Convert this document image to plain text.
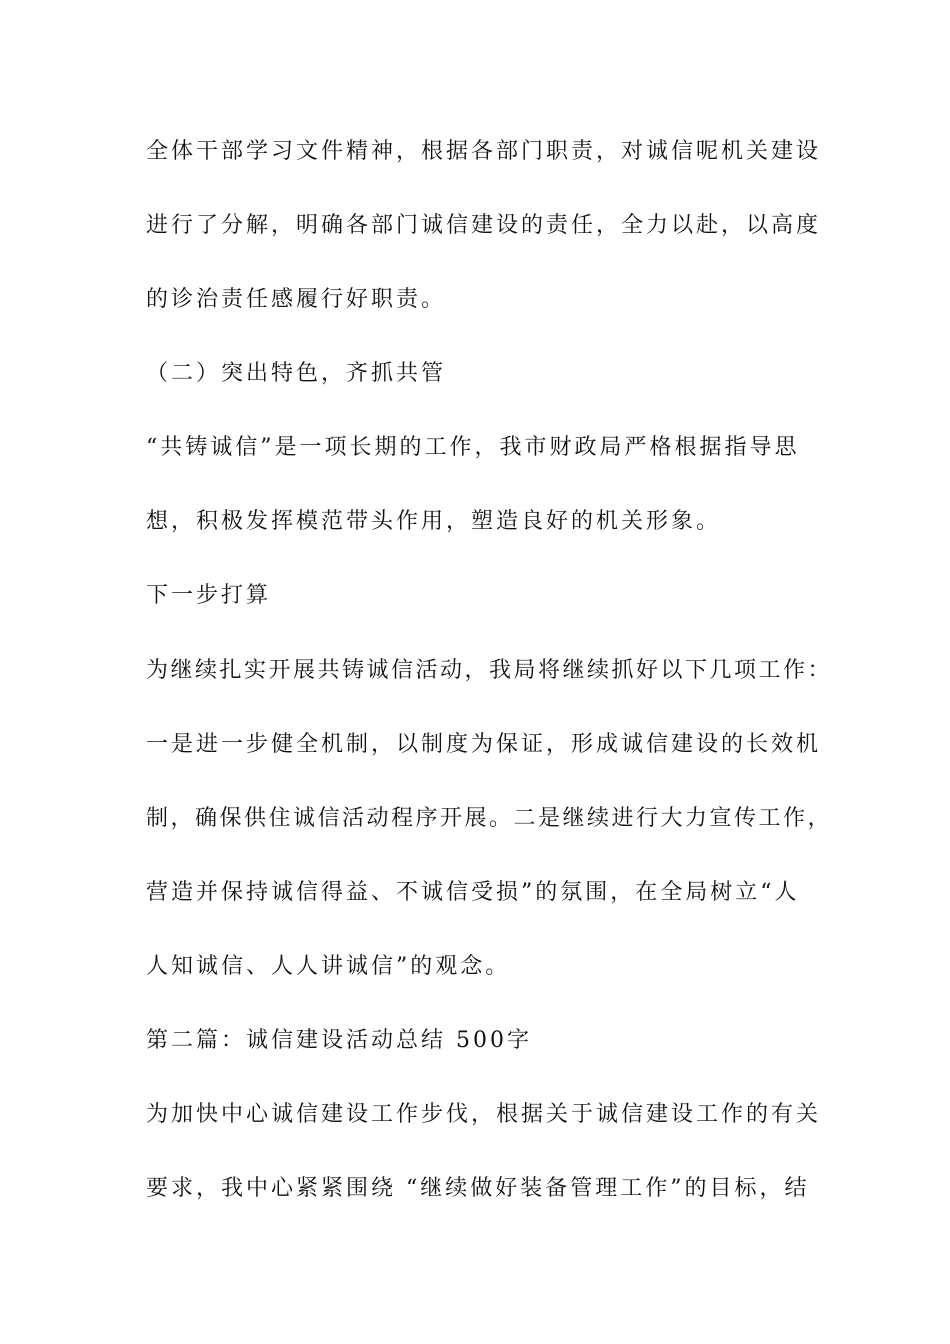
全体干部学习文件精神，根据各部门职责，对诚信呢机关建设
进行了分解，明确各部门诚信建设的责任，全力以赴，以高度
的诊治责任感履行好职责。
（二）突出特色，齐抓共管
“共铸诚信”是一项长期的工作，我市财政局严格根据指导思
想，积极发挥模范带头作用，塑造良好的机关形象。
下一步打算
为继续扎实开展共铸诚信活动，我局将继续抓好以下几项工作：
一是进一步健全机制，以制度为保证，形成诚信建设的长效机
制，确保供住诚信活动程序开展。二是继续进行大力宣传工作，
营造并保持诚信得益、不诚信受损”的氛围，在全局树立“人
人知诚信、人人讲诚信”的观念。
第二篇：诚信建设活动总结 500字
为加快中心诚信建设工作步伐，根据关于诚信建设工作的有关
要求，我中心紧紧围绕 “继续做好装备管理工作”的目标，结
